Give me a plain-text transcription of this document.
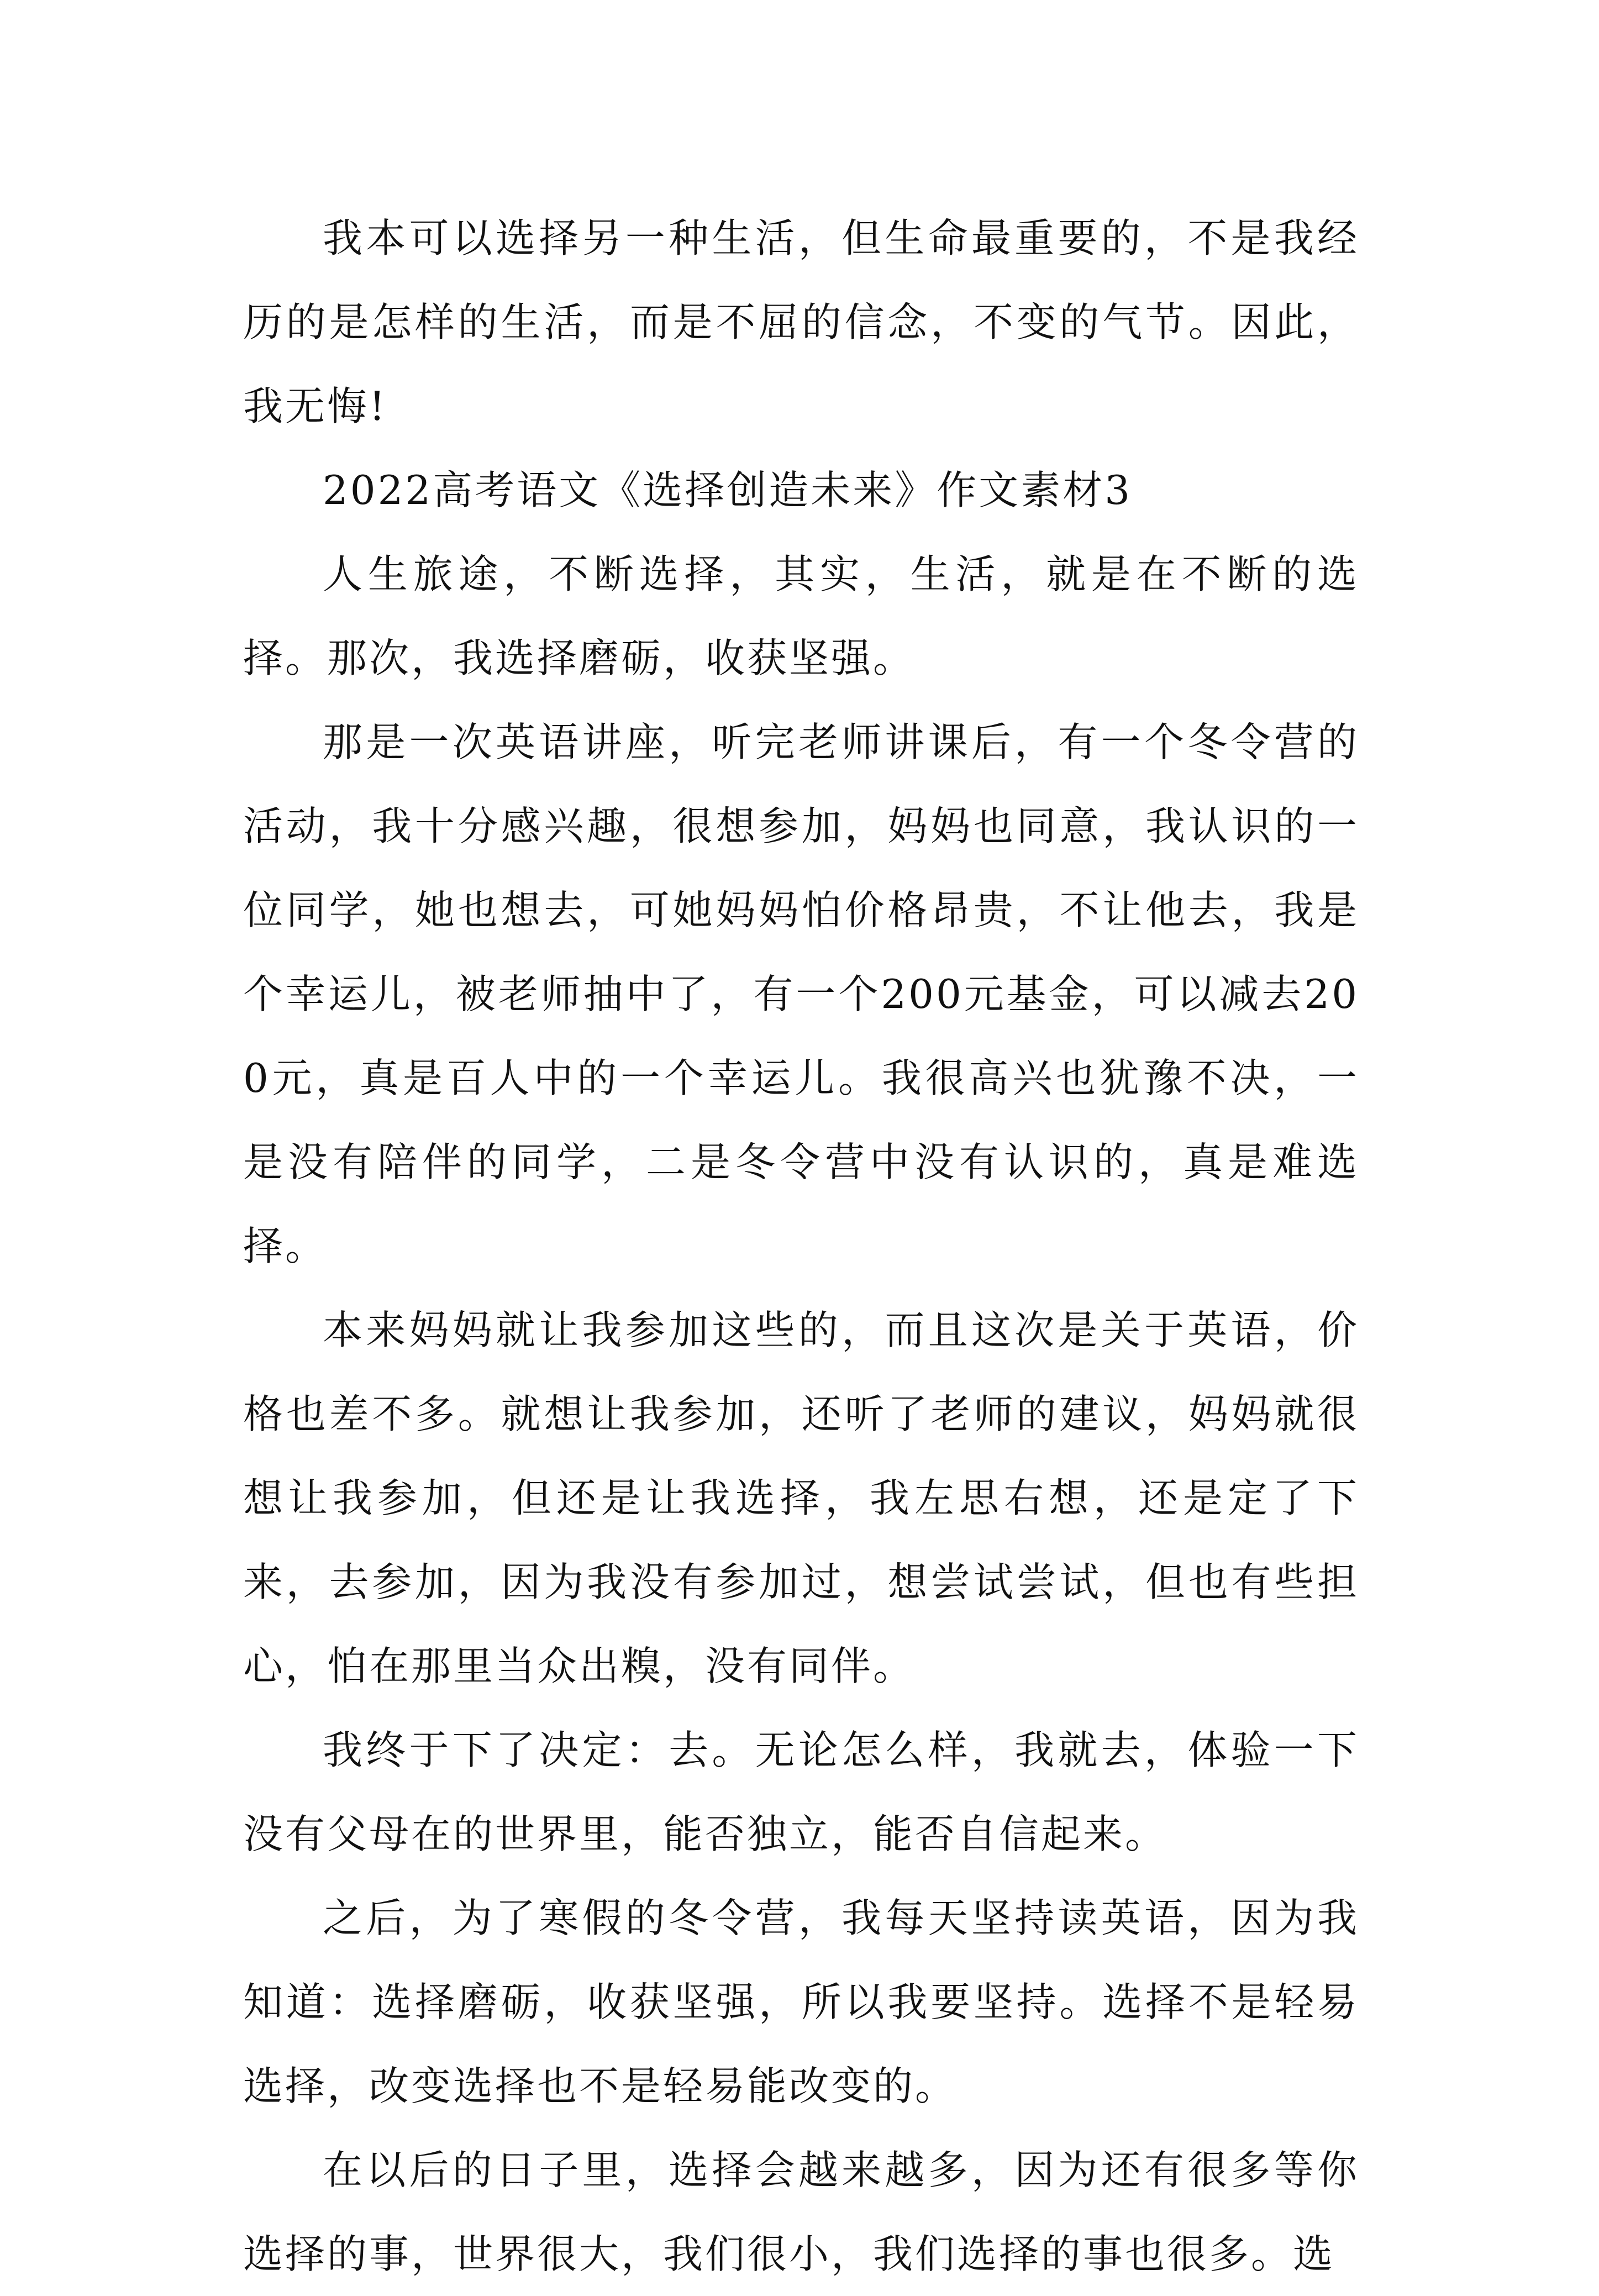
我本可以选择另一种生活，但生命最重要的，不是我经历的是怎样的生活，而是不屈的信念，不变的气节。因此，我无悔!

2022高考语文《选择创造未来》作文素材3

人生旅途，不断选择，其实，生活，就是在不断的选择。那次，我选择磨砺，收获坚强。

那是一次英语讲座，听完老师讲课后，有一个冬令营的活动，我十分感兴趣，很想参加，妈妈也同意，我认识的一位同学，她也想去，可她妈妈怕价格昂贵，不让他去，我是个幸运儿，被老师抽中了，有一个200元基金，可以减去200元，真是百人中的一个幸运儿。我很高兴也犹豫不决，一是没有陪伴的同学，二是冬令营中没有认识的，真是难选择。

本来妈妈就让我参加这些的，而且这次是关于英语，价格也差不多。就想让我参加，还听了老师的建议，妈妈就很想让我参加，但还是让我选择，我左思右想，还是定了下来，去参加，因为我没有参加过，想尝试尝试，但也有些担心，怕在那里当众出糗，没有同伴。

我终于下了决定：去。无论怎么样，我就去，体验一下没有父母在的世界里，能否独立，能否自信起来。

之后，为了寒假的冬令营，我每天坚持读英语，因为我知道：选择磨砺，收获坚强，所以我要坚持。选择不是轻易选择，改变选择也不是轻易能改变的。

在以后的日子里，选择会越来越多，因为还有很多等你选择的事，世界很大，我们很小，我们选择的事也很多。选
